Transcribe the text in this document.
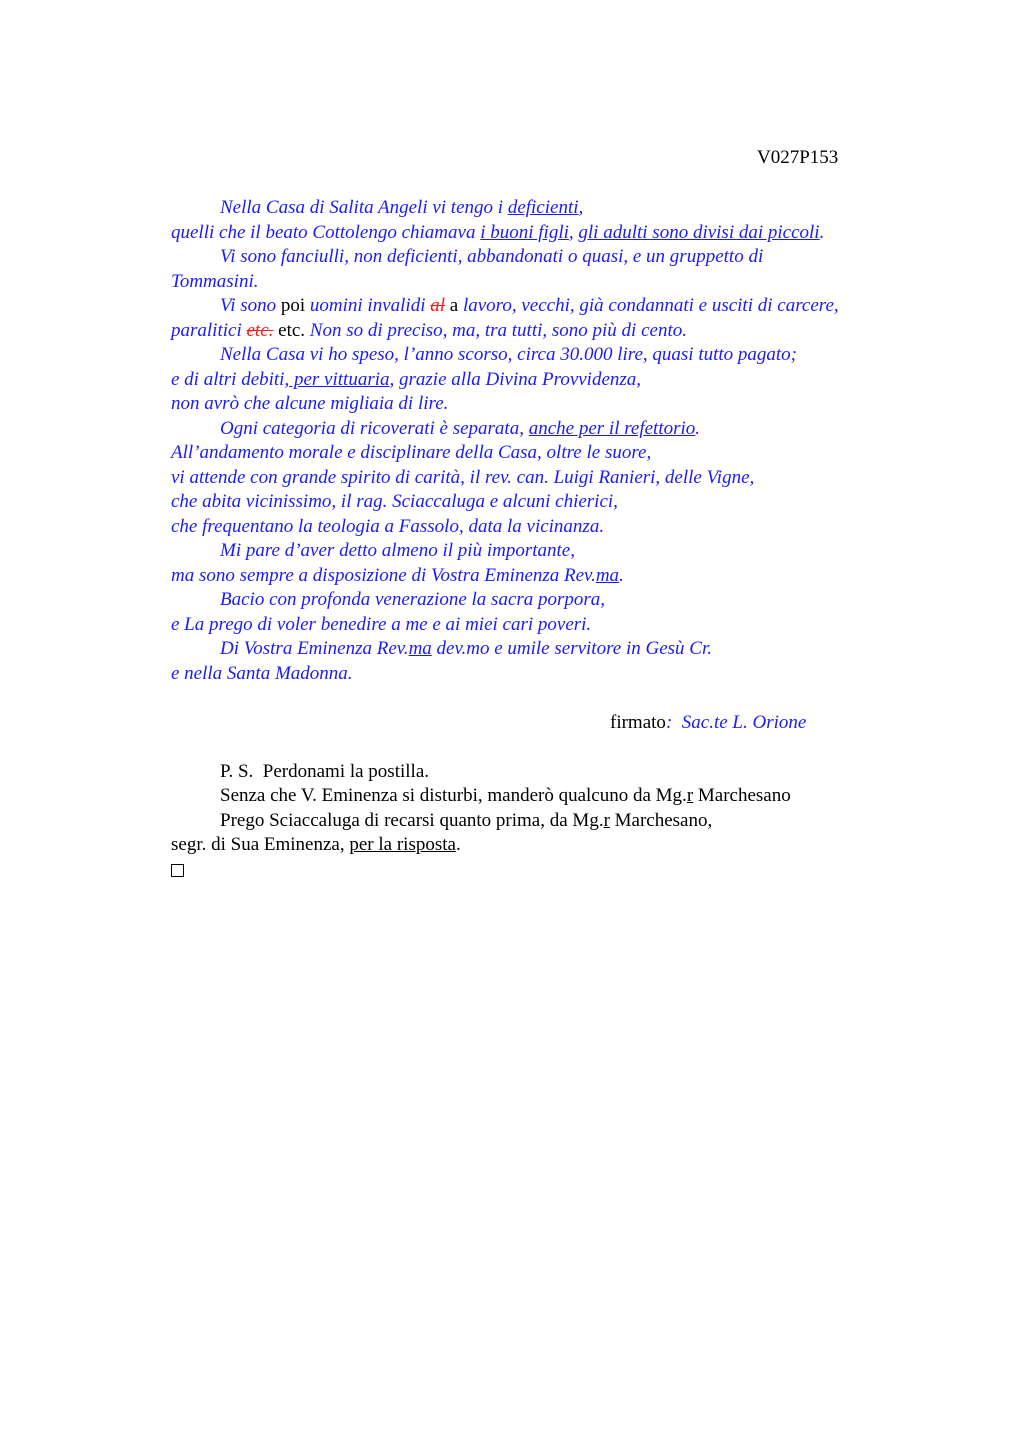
V027P153
Nella Casa di Salita Angeli vi tengo i deficienti,
quelli che il beato Cottolengo chiamava i buoni figli, gli adulti sono divisi dai piccoli.
Vi sono fanciulli, non deficienti, abbandonati o quasi, e un gruppetto di
Tommasini.
Vi sono poi uomini invalidi al a lavoro, vecchi, già condannati e usciti di carcere,
paralitici etc. etc. Non so di preciso, ma, tra tutti, sono più di cento.
Nella Casa vi ho speso, l’anno scorso, circa 30.000 lire, quasi tutto pagato;
e di altri debiti, per vittuaria, grazie alla Divina Provvidenza,
non avrò che alcune migliaia di lire.
Ogni categoria di ricoverati è separata, anche per il refettorio.
All’andamento morale e disciplinare della Casa, oltre le suore,
vi attende con grande spirito di carità, il rev. can. Luigi Ranieri, delle Vigne,
che abita vicinissimo, il rag. Sciaccaluga e alcuni chierici,
che frequentano la teologia a Fassolo, data la vicinanza.
Mi pare d’aver detto almeno il più importante,
ma sono sempre a disposizione di Vostra Eminenza Rev.ma.
Bacio con profonda venerazione la sacra porpora,
e La prego di voler benedire a me e ai miei cari poveri.
Di Vostra Eminenza Rev.ma dev.mo e umile servitore in Gesù Cr.
e nella Santa Madonna.
firmato:  Sac.te L. Orione
P. S.  Perdonami la postilla.
Senza che V. Eminenza si disturbi, manderò qualcuno da Mg.r Marchesano
Prego Sciaccaluga di recarsi quanto prima, da Mg.r Marchesano,
segr. di Sua Eminenza, per la risposta.
